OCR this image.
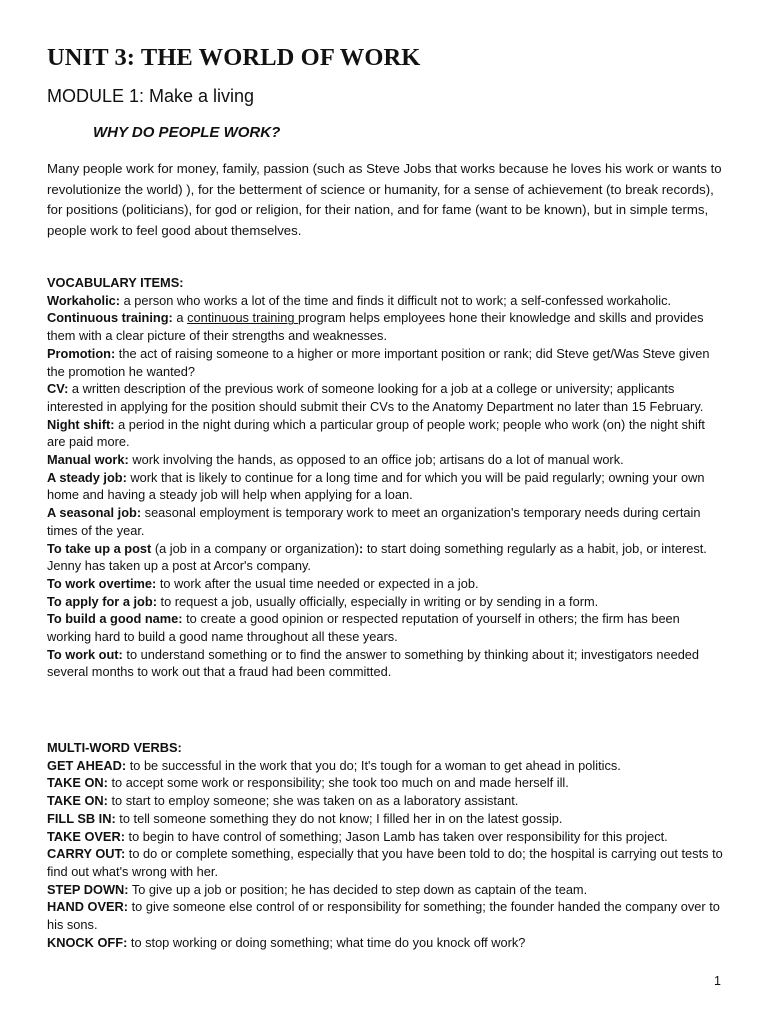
UNIT 3: THE WORLD OF WORK
MODULE 1: Make a living
WHY DO PEOPLE WORK?

Many people work for money, family, passion (such as Steve Jobs that works because he loves his work or wants to revolutionize the world) ), for the betterment of science or humanity, for a sense of achievement (to break records), for positions (politicians), for god or religion, for their nation, and for fame (want to be known), but in simple terms, people work to feel good about themselves.

VOCABULARY ITEMS:

Workaholic: a person who works a lot of the time and finds it difficult not to work; a self-confessed workaholic.

Continuous training: a continuous training program helps employees hone their knowledge and skills and provides them with a clear picture of their strengths and weaknesses.

Promotion: the act of raising someone to a higher or more important position or rank; did Steve get/Was Steve given the promotion he wanted?

CV: a written description of the previous work of someone looking for a job at a college or university; applicants interested in applying for the position should submit their CVs to the Anatomy Department no later than 15 February.

Night shift: a period in the night during which a particular group of people work; people who work (on) the night shift are paid more.

Manual work: work involving the hands, as opposed to an office job; artisans do a lot of manual work.

A steady job: work that is likely to continue for a long time and for which you will be paid regularly; owning your own home and having a steady job will help when applying for a loan.

A seasonal job: seasonal employment is temporary work to meet an organization's temporary needs during certain times of the year.

To take up a post (a job in a company or organization): to start doing something regularly as a habit, job, or interest. Jenny has taken up a post at Arcor's company.

To work overtime: to work after the usual time needed or expected in a job.

To apply for a job: to request a job, usually officially, especially in writing or by sending in a form.

To build a good name: to create a good opinion or respected reputation of yourself in others; the firm has been working hard to build a good name throughout all these years.

To work out: to understand something or to find the answer to something by thinking about it; investigators needed several months to work out that a fraud had been committed.

MULTI-WORD VERBS:

GET AHEAD: to be successful in the work that you do; It's tough for a woman to get ahead in politics.

TAKE ON: to accept some work or responsibility; she took too much on and made herself ill.

TAKE ON: to start to employ someone; she was taken on as a laboratory assistant.

FILL SB IN: to tell someone something they do not know; I filled her in on the latest gossip.

TAKE OVER: to begin to have control of something; Jason Lamb has taken over responsibility for this project.

CARRY OUT: to do or complete something, especially that you have been told to do; the hospital is carrying out tests to find out what's wrong with her.

STEP DOWN: To give up a job or position; he has decided to step down as captain of the team.

HAND OVER: to give someone else control of or responsibility for something; the founder handed the company over to his sons.

KNOCK OFF: to stop working or doing something; what time do you knock off work?

1
